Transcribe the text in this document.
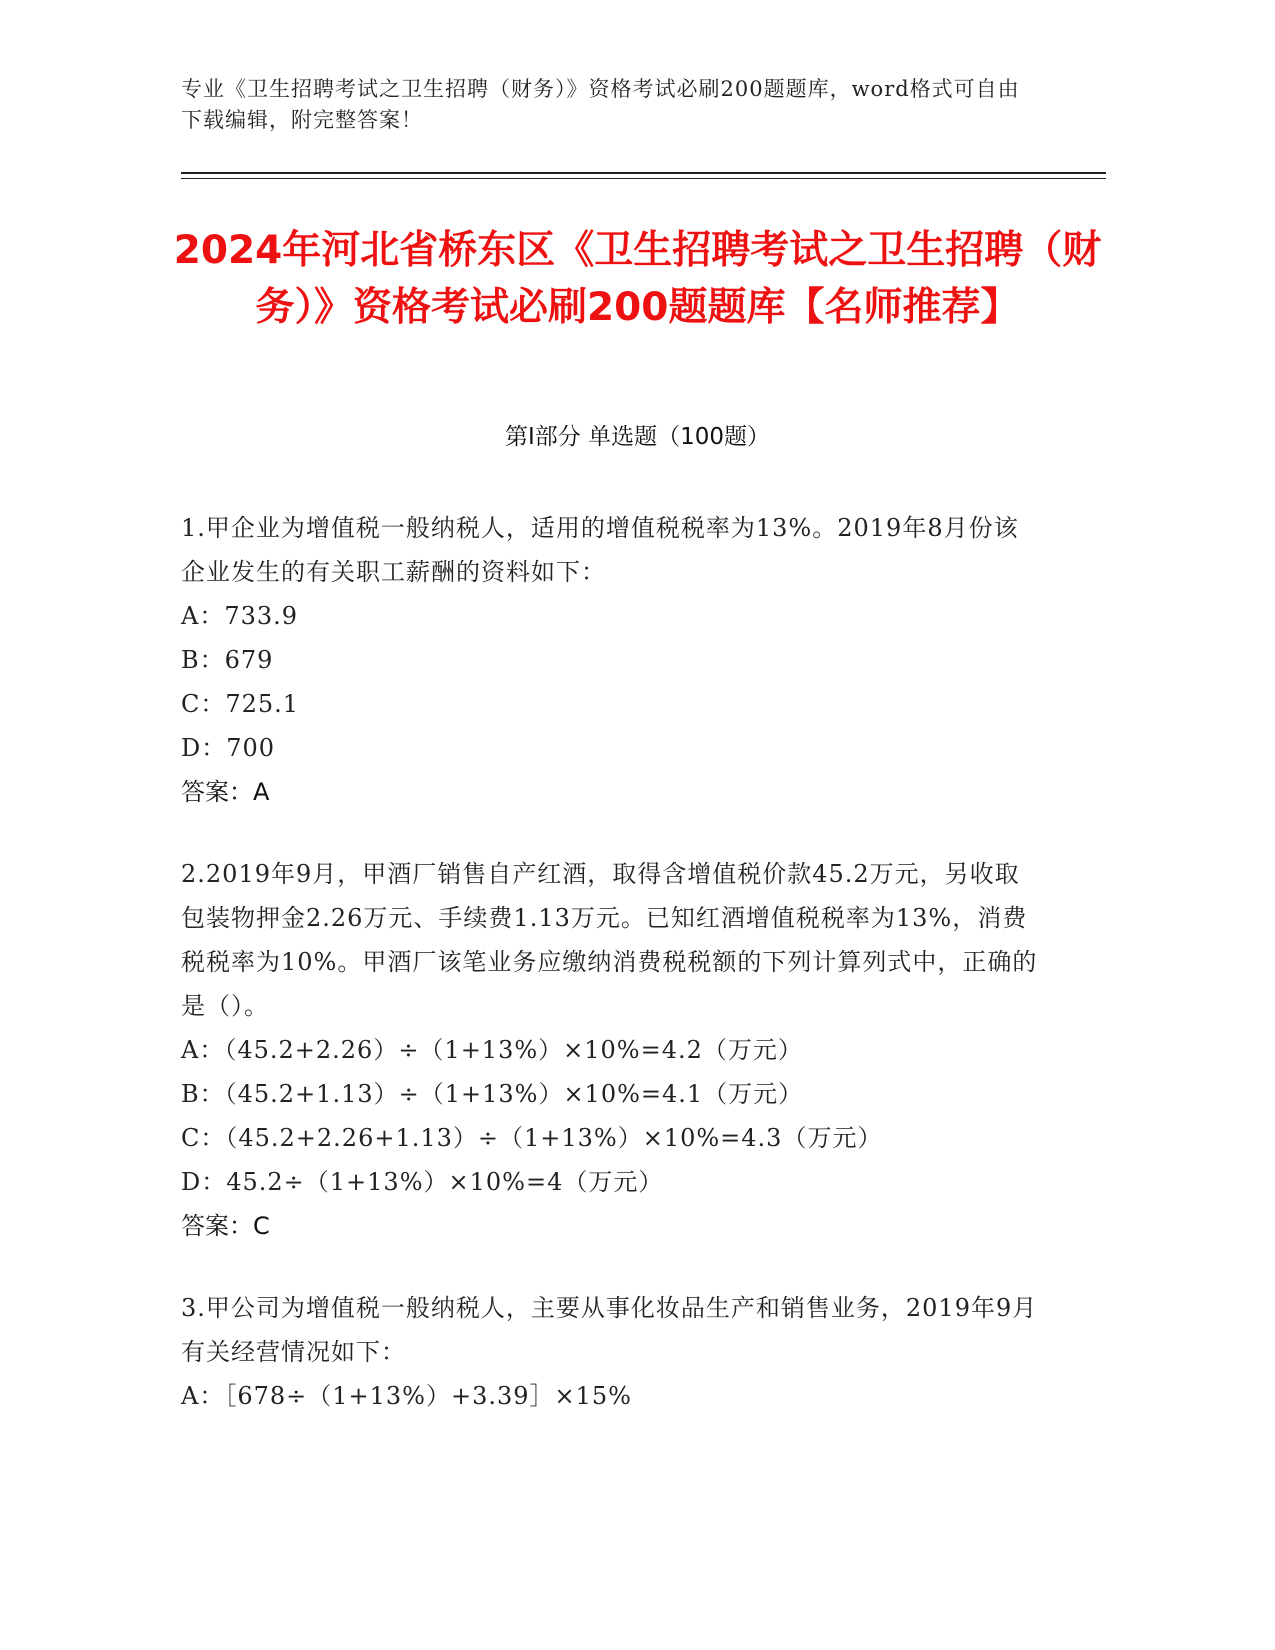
专业《卫生招聘考试之卫生招聘（财务）》资格考试必刷200题题库，word格式可自由下载编辑，附完整答案！
2024年河北省桥东区《卫生招聘考试之卫生招聘（财务）》资格考试必刷200题题库【名师推荐】
第I部分 单选题（100题）
1.甲企业为增值税一般纳税人，适用的增值税税率为13%。2019年8月份该企业发生的有关职工薪酬的资料如下：
A：733.9
B：679
C：725.1
D：700
答案：A
2.2019年9月，甲酒厂销售自产红酒，取得含增值税价款45.2万元，另收取包装物押金2.26万元、手续费1.13万元。已知红酒增值税税率为13%，消费税税率为10%。甲酒厂该笔业务应缴纳消费税税额的下列计算列式中，正确的是（）。
A：（45.2+2.26）÷（1+13%）×10%=4.2（万元）
B：（45.2+1.13）÷（1+13%）×10%=4.1（万元）
C：（45.2+2.26+1.13）÷（1+13%）×10%=4.3（万元）
D：45.2÷（1+13%）×10%=4（万元）
答案：C
3.甲公司为增值税一般纳税人，主要从事化妆品生产和销售业务，2019年9月有关经营情况如下：
A：［678÷（1+13%）+3.39］×15%
